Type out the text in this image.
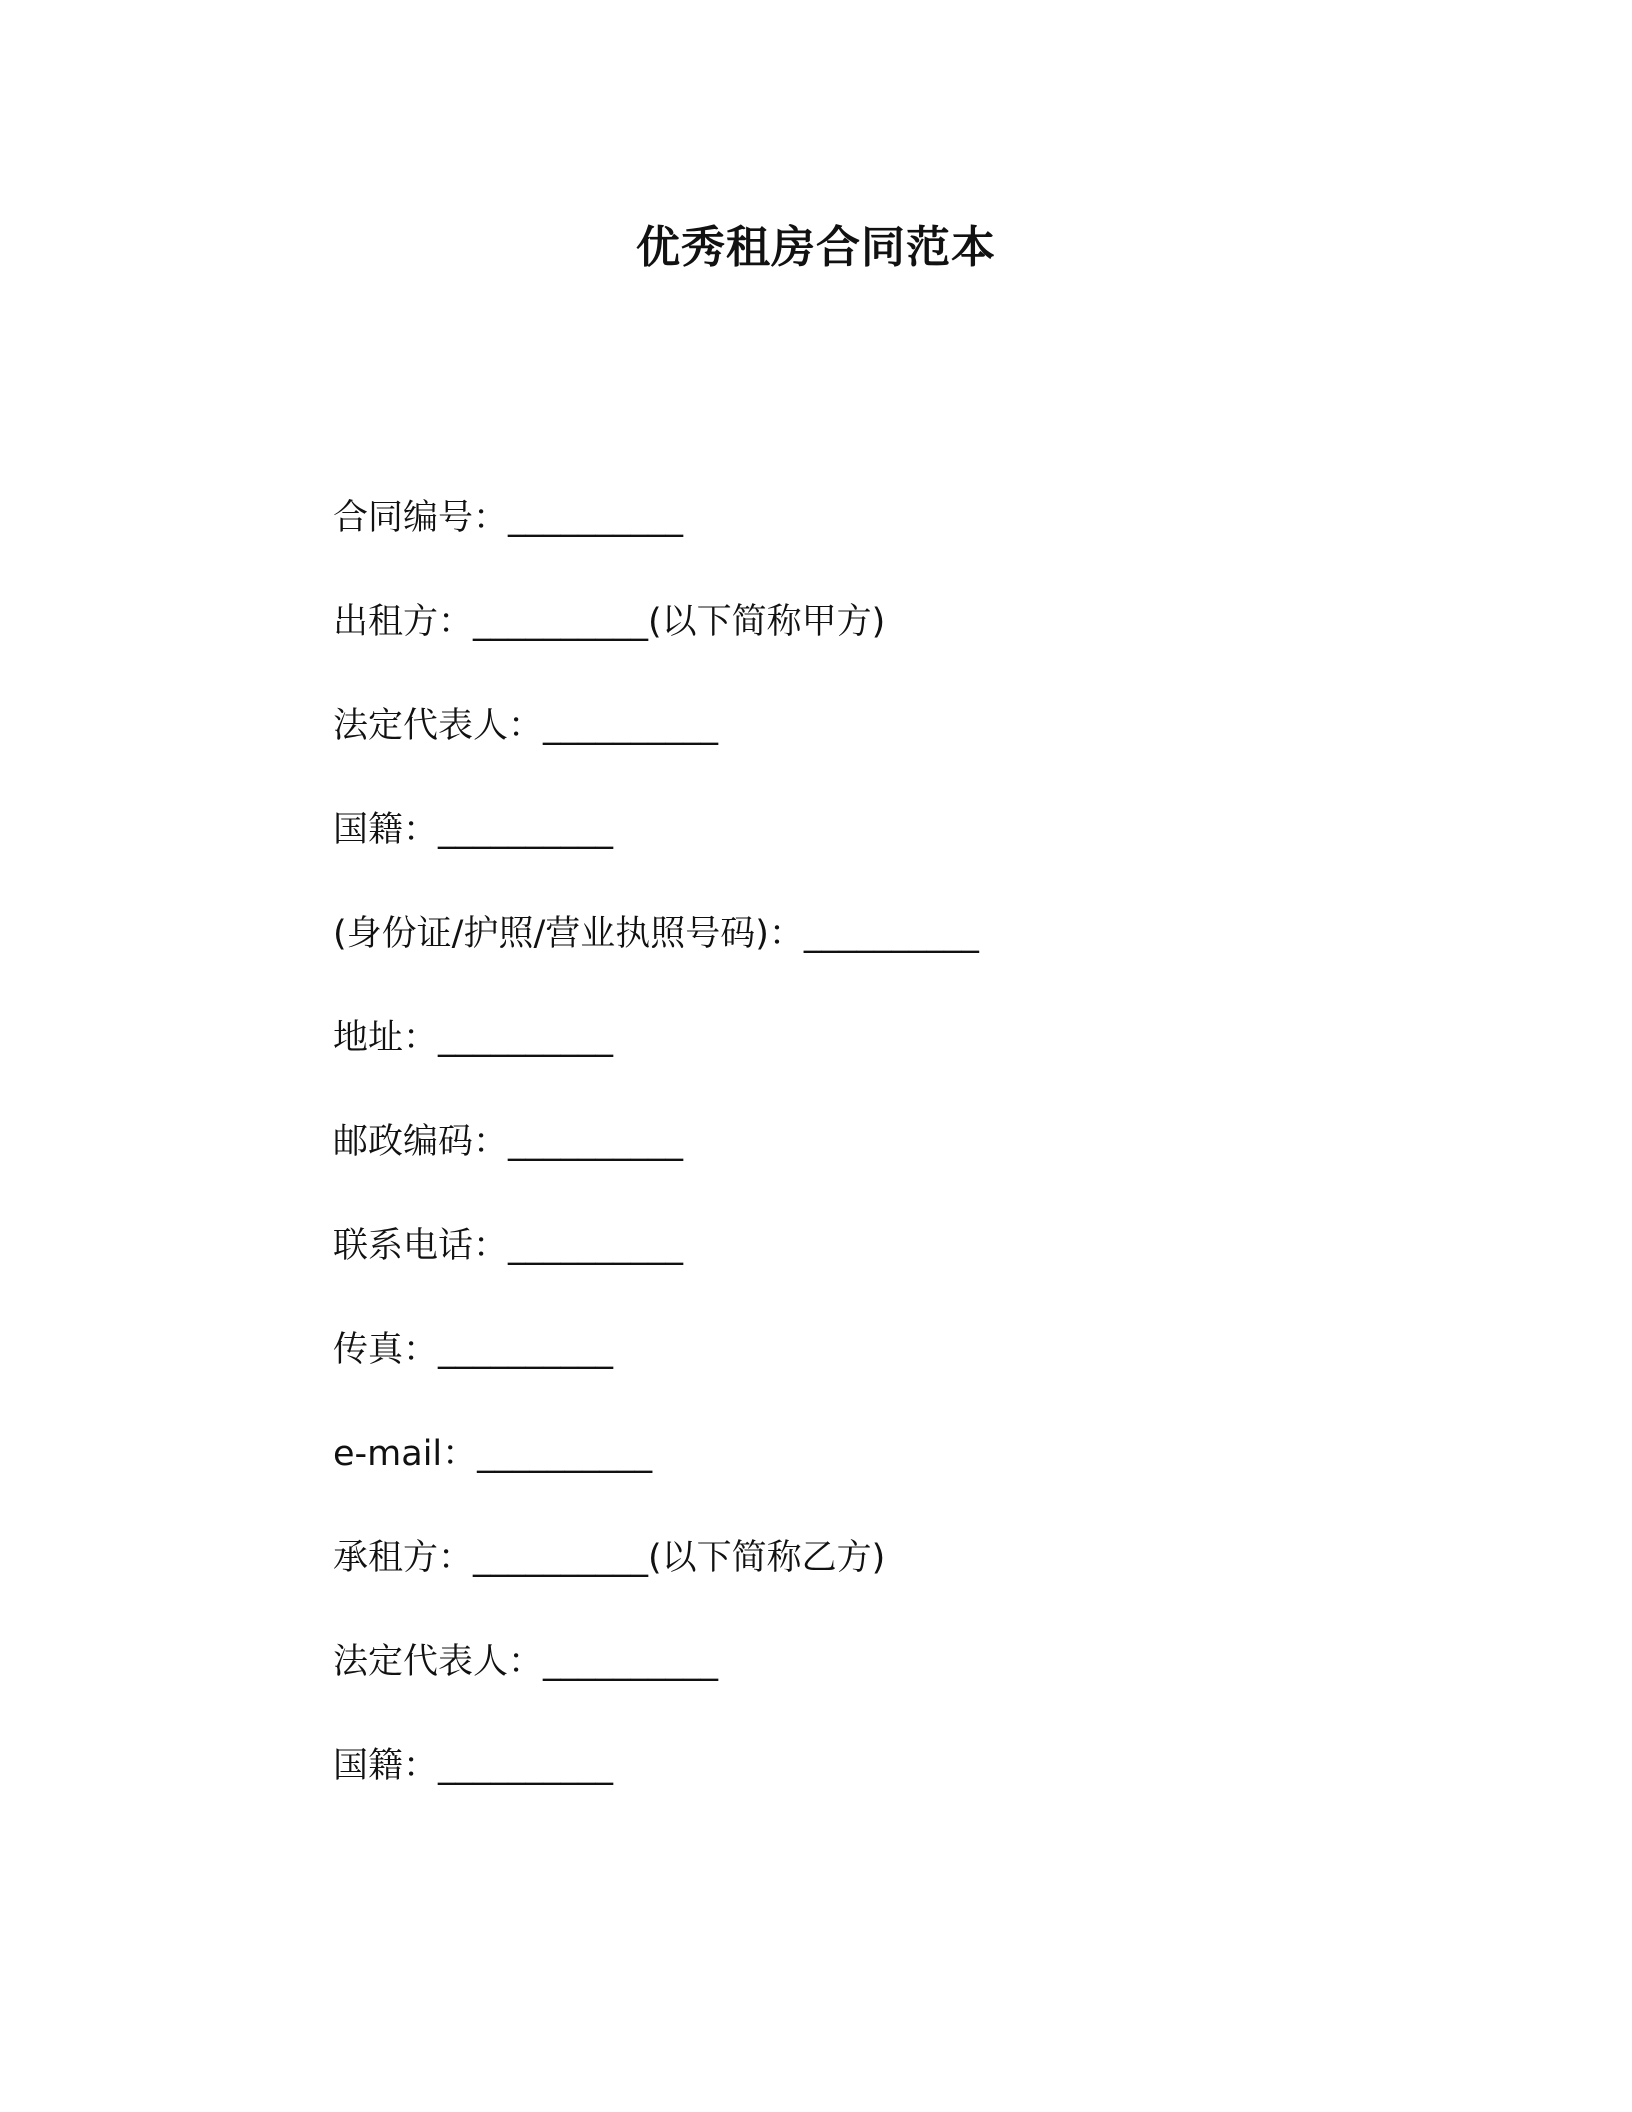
优秀租房合同范本
合同编号：__________
出租方：__________(以下简称甲方)
法定代表人：__________
国籍：__________
(身份证/护照/营业执照号码)：__________
地址：__________
邮政编码：__________
联系电话：__________
传真：__________
e-mail：__________
承租方：__________(以下简称乙方)
法定代表人：__________
国籍：__________
